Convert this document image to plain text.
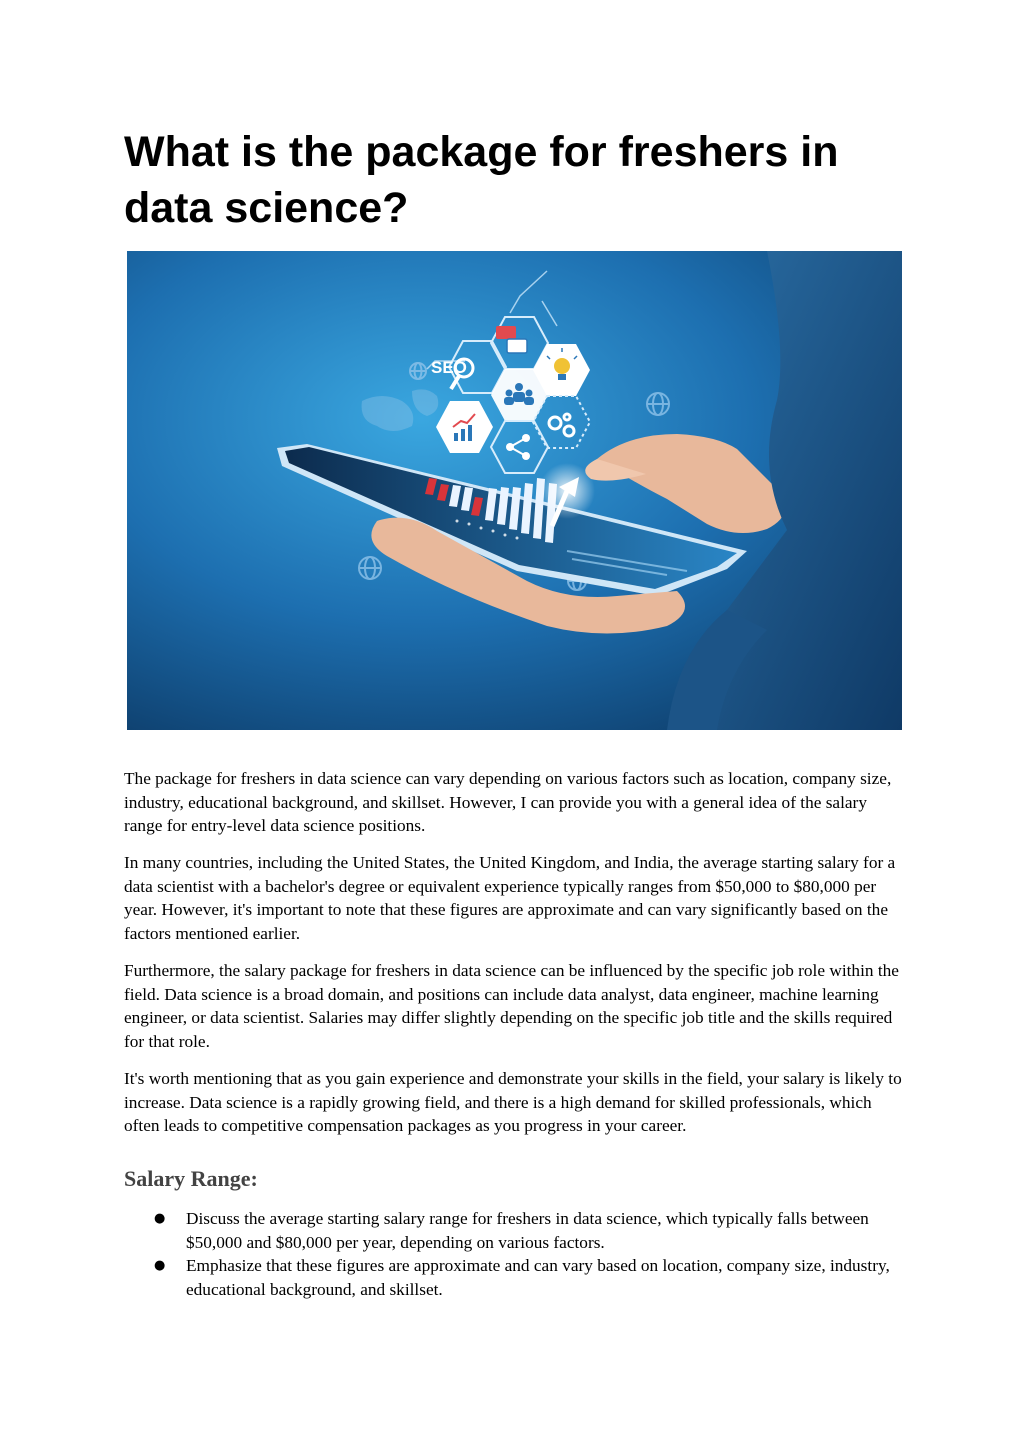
What is the package for freshers in data science?
SEO

The package for freshers in data science can vary depending on various factors such as location, company size, industry, educational background, and skillset. However, I can provide you with a general idea of the salary range for entry-level data science positions.

In many countries, including the United States, the United Kingdom, and India, the average starting salary for a data scientist with a bachelor's degree or equivalent experience typically ranges from $50,000 to $80,000 per year. However, it's important to note that these figures are approximate and can vary significantly based on the factors mentioned earlier.

Furthermore, the salary package for freshers in data science can be influenced by the specific job role within the field. Data science is a broad domain, and positions can include data analyst, data engineer, machine learning engineer, or data scientist. Salaries may differ slightly depending on the specific job title and the skills required for that role.

It's worth mentioning that as you gain experience and demonstrate your skills in the field, your salary is likely to increase. Data science is a rapidly growing field, and there is a high demand for skilled professionals, which often leads to competitive compensation packages as you progress in your career.

Salary Range:
● Discuss the average starting salary range for freshers in data science, which typically falls between $50,000 and $80,000 per year, depending on various factors.
● Emphasize that these figures are approximate and can vary based on location, company size, industry, educational background, and skillset.
